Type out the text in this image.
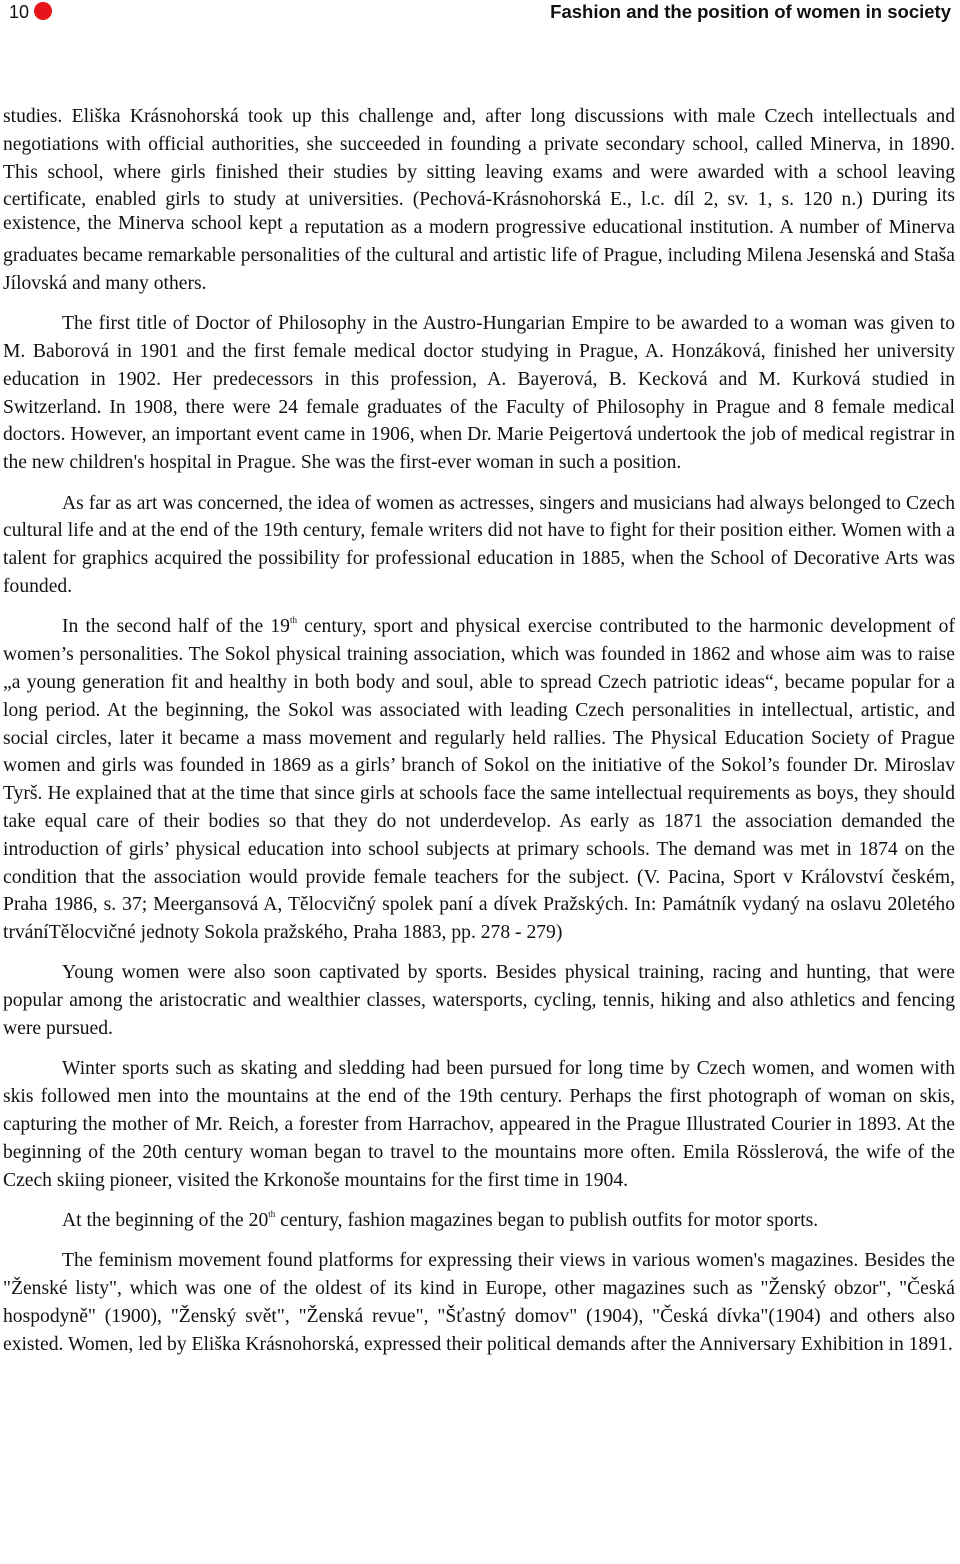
10	Fashion and the position of women in society

studies. Eliška Krásnohorská took up this challenge and, after long discussions with male Czech intellectuals and negotiations with official authorities, she succeeded in founding a private secondary school, called Minerva, in 1890. This school, where girls finished their studies by sitting leaving exams and were awarded with a school leaving certificate, enabled girls to study at universities. (Pechová-Krásnohorská E., l.c. díl 2, sv. 1, s. 120 n.) During its existence, the Minerva school kept a reputation as a modern progressive educational institution. A number of Minerva graduates became remarkable personalities of the cultural and artistic life of Prague, including Milena Jesenská and Staša Jílovská and many others.

The first title of Doctor of Philosophy in the Austro-Hungarian Empire to be awarded to a woman was given to M. Baborová in 1901 and the first female medical doctor studying in Prague, A. Honzáková, finished her university education in 1902. Her predecessors in this profession, A. Bayerová, B. Kecková and M. Kurková studied in Switzerland. In 1908, there were 24 female graduates of the Faculty of Philosophy in Prague and 8 female medical doctors. However, an important event came in 1906, when Dr. Marie Peigertová undertook the job of medical registrar in the new children's hospital in Prague. She was the first-ever woman in such a position.

As far as art was concerned, the idea of women as actresses, singers and musicians had always belonged to Czech cultural life and at the end of the 19th century, female writers did not have to fight for their position either. Women with a talent for graphics acquired the possibility for professional education in 1885, when the School of Decorative Arts was founded.

In the second half of the 19th century, sport and physical exercise contributed to the harmonic development of women’s personalities. The Sokol physical training association, which was founded in 1862 and whose aim was to raise „a young generation fit and healthy in both body and soul, able to spread Czech patriotic ideas“, became popular for a long period. At the beginning, the Sokol was associated with leading Czech personalities in intellectual, artistic, and social circles, later it became a mass movement and regularly held rallies. The Physical Education Society of Prague women and girls was founded in 1869 as a girls’ branch of Sokol on the initiative of the Sokol’s founder Dr. Miroslav Tyrš. He explained that at the time that since girls at schools face the same intellectual requirements as boys, they should take equal care of their bodies so that they do not underdevelop. As early as 1871 the association demanded the introduction of girls’ physical education into school subjects at primary schools. The demand was met in 1874 on the condition that the association would provide female teachers for the subject. (V. Pacina, Sport v Království českém, Praha 1986, s. 37; Meergansová A, Tělocvičný spolek paní a dívek Pražských. In: Památník vydaný na oslavu 20letého trváníTělocvičné jednoty Sokola pražského, Praha 1883, pp. 278 - 279)

Young women were also soon captivated by sports. Besides physical training, racing and hunting, that were popular among the aristocratic and wealthier classes, watersports, cycling, tennis, hiking and also athletics and fencing were pursued.

Winter sports such as skating and sledding had been pursued for long time by Czech women, and women with skis followed men into the mountains at the end of the 19th century. Perhaps the first photograph of woman on skis, capturing the mother of Mr. Reich, a forester from Harrachov, appeared in the Prague Illustrated Courier in 1893. At the beginning of the 20th century woman began to travel to the mountains more often. Emila Rösslerová, the wife of the Czech skiing pioneer, visited the Krkonoše mountains for the first time in 1904.

At the beginning of the 20th century, fashion magazines began to publish outfits for motor sports.

The feminism movement found platforms for expressing their views in various women's magazines. Besides the "Ženské listy", which was one of the oldest of its kind in Europe, other magazines such as "Ženský obzor", "Česká hospodyně" (1900), "Ženský svět", "Ženská revue", "Šťastný domov" (1904), "Česká dívka"(1904) and others also existed. Women, led by Eliška Krásnohorská, expressed their political demands after the Anniversary Exhibition in 1891.
